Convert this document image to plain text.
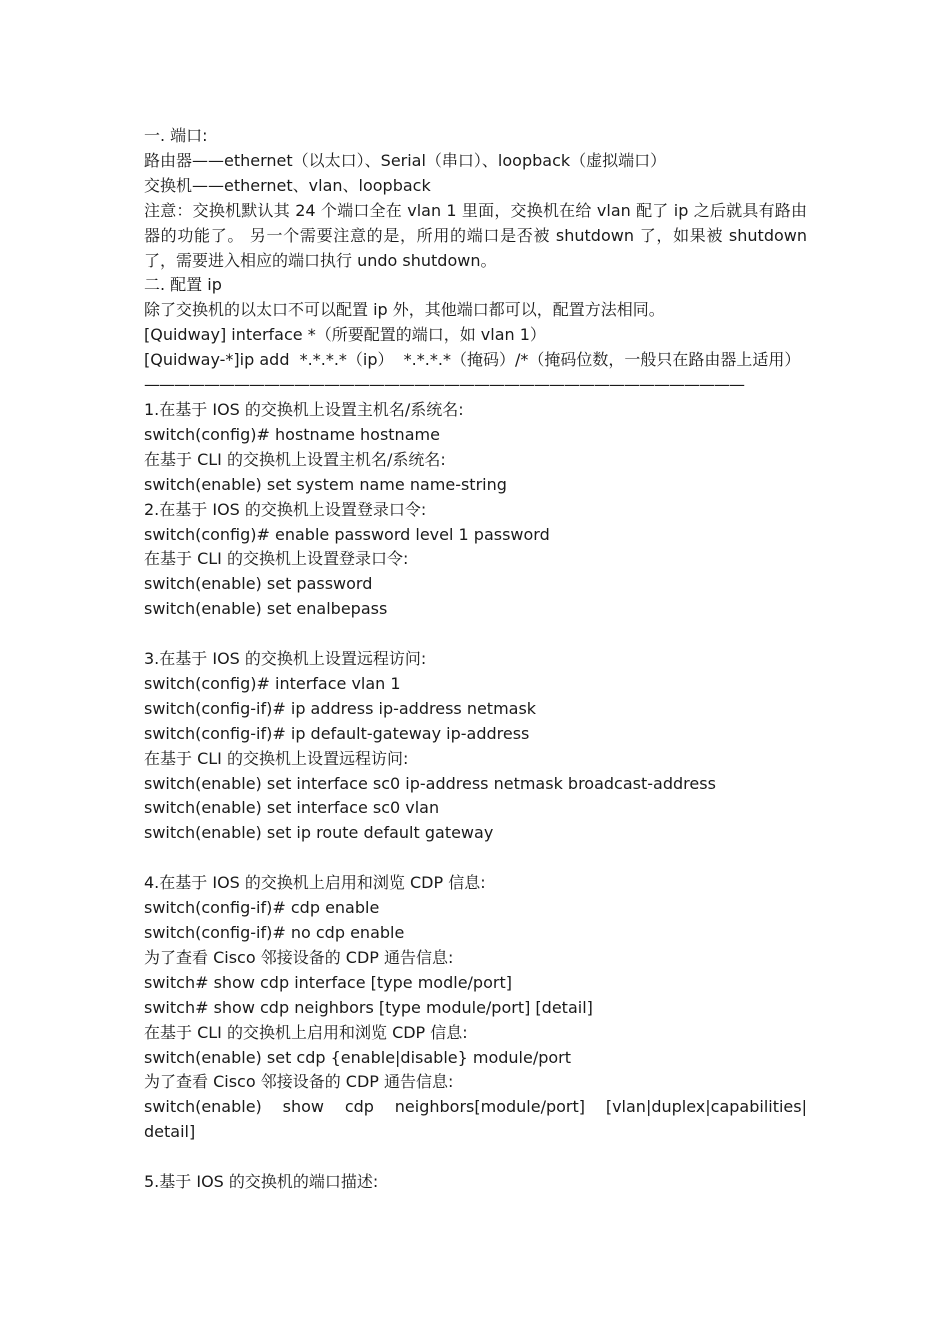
一. 端口:
路由器——ethernet（以太口）、Serial（串口）、loopback（虚拟端口）
交换机——ethernet、vlan、loopback
注意：交换机默认其 24 个端口全在 vlan 1 里面，交换机在给 vlan 配了 ip 之后就具有路由器的功能了。 另一个需要注意的是，所用的端口是否被 shutdown 了，如果被 shutdown 了，需要进入相应的端口执行 undo shutdown。
二. 配置 ip
除了交换机的以太口不可以配置 ip 外，其他端口都可以，配置方法相同。
[Quidway] interface *（所要配置的端口，如 vlan 1）
[Quidway-*]ip add  *.*.*.*（ip）  *.*.*.*（掩码）/*（掩码位数，一般只在路由器上适用）
————————————————————————————————————————
1.在基于 IOS 的交换机上设置主机名/系统名:
switch(config)# hostname hostname
在基于 CLI 的交换机上设置主机名/系统名:
switch(enable) set system name name-string
2.在基于 IOS 的交换机上设置登录口令:
switch(config)# enable password level 1 password
在基于 CLI 的交换机上设置登录口令:
switch(enable) set password
switch(enable) set enalbepass
3.在基于 IOS 的交换机上设置远程访问:
switch(config)# interface vlan 1
switch(config-if)# ip address ip-address netmask
switch(config-if)# ip default-gateway ip-address
在基于 CLI 的交换机上设置远程访问:
switch(enable) set interface sc0 ip-address netmask broadcast-address
switch(enable) set interface sc0 vlan
switch(enable) set ip route default gateway
4.在基于 IOS 的交换机上启用和浏览 CDP 信息:
switch(config-if)# cdp enable
switch(config-if)# no cdp enable
为了查看 Cisco 邻接设备的 CDP 通告信息:
switch# show cdp interface [type modle/port]
switch# show cdp neighbors [type module/port] [detail]
在基于 CLI 的交换机上启用和浏览 CDP 信息:
switch(enable) set cdp {enable|disable} module/port
为了查看 Cisco 邻接设备的 CDP 通告信息:
switch(enable)  show  cdp  neighbors[module/port]  [vlan|duplex|capabilities|
detail]
5.基于 IOS 的交换机的端口描述:
